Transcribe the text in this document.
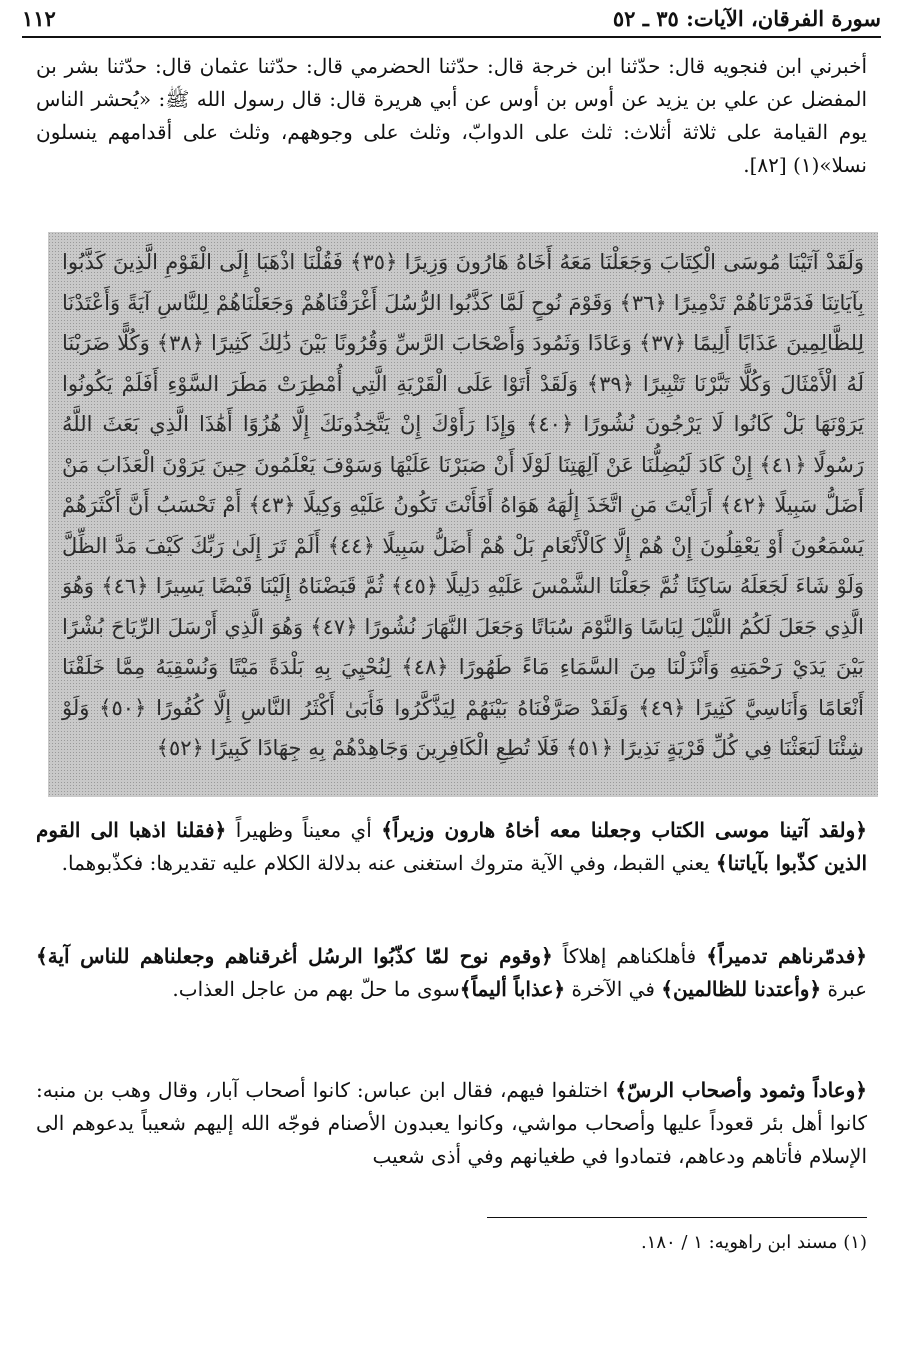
سورة الفرقان، الآيات: ٣٥ ـ ٥٢
١١٢

أخبرني ابن فنجويه قال: حدّثنا ابن خرجة قال: حدّثنا الحضرمي قال: حدّثنا عثمان قال: حدّثنا بشر بن المفضل عن علي بن يزيد عن أوس بن أوس عن أبي هريرة قال: قال رسول الله ﷺ: «يُحشر الناس يوم القيامة على ثلاثة أثلاث: ثلث على الدوابّ، وثلث على وجوههم، وثلث على أقدامهم ينسلون نسلا»(١) [٨٢].

وَلَقَدْ آتَيْنَا مُوسَى الْكِتَابَ وَجَعَلْنَا مَعَهُ أَخَاهُ هَارُونَ وَزِيرًا ﴿٣٥﴾ فَقُلْنَا اذْهَبَا إِلَى الْقَوْمِ الَّذِينَ كَذَّبُوا بِآيَاتِنَا فَدَمَّرْنَاهُمْ تَدْمِيرًا ﴿٣٦﴾ وَقَوْمَ نُوحٍ لَمَّا كَذَّبُوا الرُّسُلَ أَغْرَقْنَاهُمْ وَجَعَلْنَاهُمْ لِلنَّاسِ آيَةً وَأَعْتَدْنَا لِلظَّالِمِينَ عَذَابًا أَلِيمًا ﴿٣٧﴾ وَعَادًا وَثَمُودَ وَأَصْحَابَ الرَّسِّ وَقُرُونًا بَيْنَ ذَٰلِكَ كَثِيرًا ﴿٣٨﴾ وَكُلًّا ضَرَبْنَا لَهُ الْأَمْثَالَ وَكُلًّا تَبَّرْنَا تَتْبِيرًا ﴿٣٩﴾ وَلَقَدْ أَتَوْا عَلَى الْقَرْيَةِ الَّتِي أُمْطِرَتْ مَطَرَ السَّوْءِ أَفَلَمْ يَكُونُوا يَرَوْنَهَا بَلْ كَانُوا لَا يَرْجُونَ نُشُورًا ﴿٤٠﴾ وَإِذَا رَأَوْكَ إِنْ يَتَّخِذُونَكَ إِلَّا هُزُوًا أَهَٰذَا الَّذِي بَعَثَ اللَّهُ رَسُولًا ﴿٤١﴾ إِنْ كَادَ لَيُضِلُّنَا عَنْ آلِهَتِنَا لَوْلَا أَنْ صَبَرْنَا عَلَيْهَا وَسَوْفَ يَعْلَمُونَ حِينَ يَرَوْنَ الْعَذَابَ مَنْ أَضَلُّ سَبِيلًا ﴿٤٢﴾ أَرَأَيْتَ مَنِ اتَّخَذَ إِلَٰهَهُ هَوَاهُ أَفَأَنْتَ تَكُونُ عَلَيْهِ وَكِيلًا ﴿٤٣﴾ أَمْ تَحْسَبُ أَنَّ أَكْثَرَهُمْ يَسْمَعُونَ أَوْ يَعْقِلُونَ إِنْ هُمْ إِلَّا كَالْأَنْعَامِ بَلْ هُمْ أَضَلُّ سَبِيلًا ﴿٤٤﴾ أَلَمْ تَرَ إِلَىٰ رَبِّكَ كَيْفَ مَدَّ الظِّلَّ وَلَوْ شَاءَ لَجَعَلَهُ سَاكِنًا ثُمَّ جَعَلْنَا الشَّمْسَ عَلَيْهِ دَلِيلًا ﴿٤٥﴾ ثُمَّ قَبَضْنَاهُ إِلَيْنَا قَبْضًا يَسِيرًا ﴿٤٦﴾ وَهُوَ الَّذِي جَعَلَ لَكُمُ اللَّيْلَ لِبَاسًا وَالنَّوْمَ سُبَاتًا وَجَعَلَ النَّهَارَ نُشُورًا ﴿٤٧﴾ وَهُوَ الَّذِي أَرْسَلَ الرِّيَاحَ بُشْرًا بَيْنَ يَدَيْ رَحْمَتِهِ وَأَنْزَلْنَا مِنَ السَّمَاءِ مَاءً طَهُورًا ﴿٤٨﴾ لِنُحْيِيَ بِهِ بَلْدَةً مَيْتًا وَنُسْقِيَهُ مِمَّا خَلَقْنَا أَنْعَامًا وَأَنَاسِيَّ كَثِيرًا ﴿٤٩﴾ وَلَقَدْ صَرَّفْنَاهُ بَيْنَهُمْ لِيَذَّكَّرُوا فَأَبَىٰ أَكْثَرُ النَّاسِ إِلَّا كُفُورًا ﴿٥٠﴾ وَلَوْ شِئْنَا لَبَعَثْنَا فِي كُلِّ قَرْيَةٍ نَذِيرًا ﴿٥١﴾ فَلَا تُطِعِ الْكَافِرِينَ وَجَاهِدْهُمْ بِهِ جِهَادًا كَبِيرًا ﴿٥٢﴾

﴿ولقد آتينا موسى الكتاب وجعلنا معه أخاهُ هارون وزيراً﴾ أي معيناً وظهيراً ﴿فقلنا اذهبا الى القوم الذين كذّبوا بآياتنا﴾ يعني القبط، وفي الآية متروك استغنى عنه بدلالة الكلام عليه تقديرها: فكذّبوهما.

﴿فدمّرناهم تدميراً﴾ فأهلكناهم إهلاكاً ﴿وقوم نوح لمّا كذّبُوا الرسُل أغرقناهم وجعلناهم للناس آية﴾ عبرة ﴿وأعتدنا للظالمين﴾ في الآخرة ﴿عذاباً أليماً﴾سوى ما حلّ بهم من عاجل العذاب.

﴿وعاداً وثمود وأصحاب الرسّ﴾ اختلفوا فيهم، فقال ابن عباس: كانوا أصحاب آبار، وقال وهب بن منبه: كانوا أهل بئر قعوداً عليها وأصحاب مواشي، وكانوا يعبدون الأصنام فوجّه الله إليهم شعيباً يدعوهم الى الإسلام فأتاهم ودعاهم، فتمادوا في طغيانهم وفي أذى شعيب

(١) مسند ابن راهويه: ١ / ١٨٠.
